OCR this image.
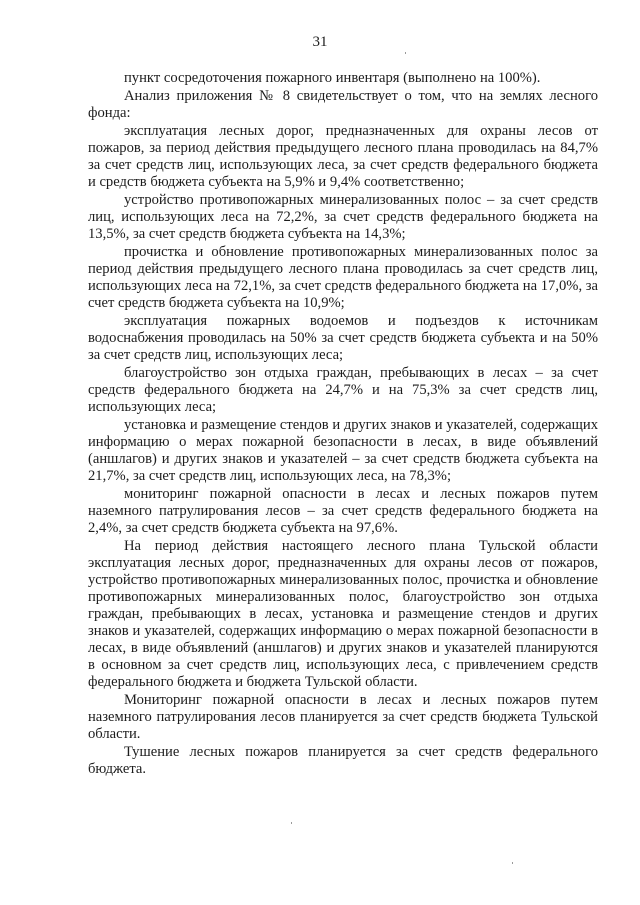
31

пункт сосредоточения пожарного инвентаря (выполнено на 100%).

Анализ приложения № 8 свидетельствует о том, что на землях лесного фонда:

эксплуатация лесных дорог, предназначенных для охраны лесов от пожаров, за период действия предыдущего лесного плана проводилась на 84,7% за счет средств лиц, использующих леса, за счет средств федерального бюджета и средств бюджета субъекта на 5,9% и 9,4% соответственно;

устройство противопожарных минерализованных полос – за счет средств лиц, использующих леса на 72,2%, за счет средств федерального бюджета на 13,5%, за счет средств бюджета субъекта на 14,3%;

прочистка и обновление противопожарных минерализованных полос за период действия предыдущего лесного плана проводилась за счет средств лиц, использующих леса на 72,1%, за счет средств федерального бюджета на 17,0%, за счет средств бюджета субъекта на 10,9%;

эксплуатация пожарных водоемов и подъездов к источникам водоснабжения проводилась на 50% за счет средств бюджета субъекта и на 50% за счет средств лиц, использующих леса;

благоустройство зон отдыха граждан, пребывающих в лесах – за счет средств федерального бюджета на 24,7% и на 75,3% за счет средств лиц, использующих леса;

установка и размещение стендов и других знаков и указателей, содержащих информацию о мерах пожарной безопасности в лесах, в виде объявлений (аншлагов) и других знаков и указателей – за счет средств бюджета субъекта на 21,7%, за счет средств лиц, использующих леса, на 78,3%;

мониторинг пожарной опасности в лесах и лесных пожаров путем наземного патрулирования лесов – за счет средств федерального бюджета на 2,4%, за счет средств бюджета субъекта на 97,6%.

На период действия настоящего лесного плана Тульской области эксплуатация лесных дорог, предназначенных для охраны лесов от пожаров, устройство противопожарных минерализованных полос, прочистка и обновление противопожарных минерализованных полос, благоустройство зон отдыха граждан, пребывающих в лесах, установка и размещение стендов и других знаков и указателей, содержащих информацию о мерах пожарной безопасности в лесах, в виде объявлений (аншлагов) и других знаков и указателей планируются в основном за счет средств лиц, использующих леса, с привлечением средств федерального бюджета и бюджета Тульской области.

Мониторинг пожарной опасности в лесах и лесных пожаров путем наземного патрулирования лесов планируется за счет средств бюджета Тульской области.

Тушение лесных пожаров планируется за счет средств федерального бюджета.
